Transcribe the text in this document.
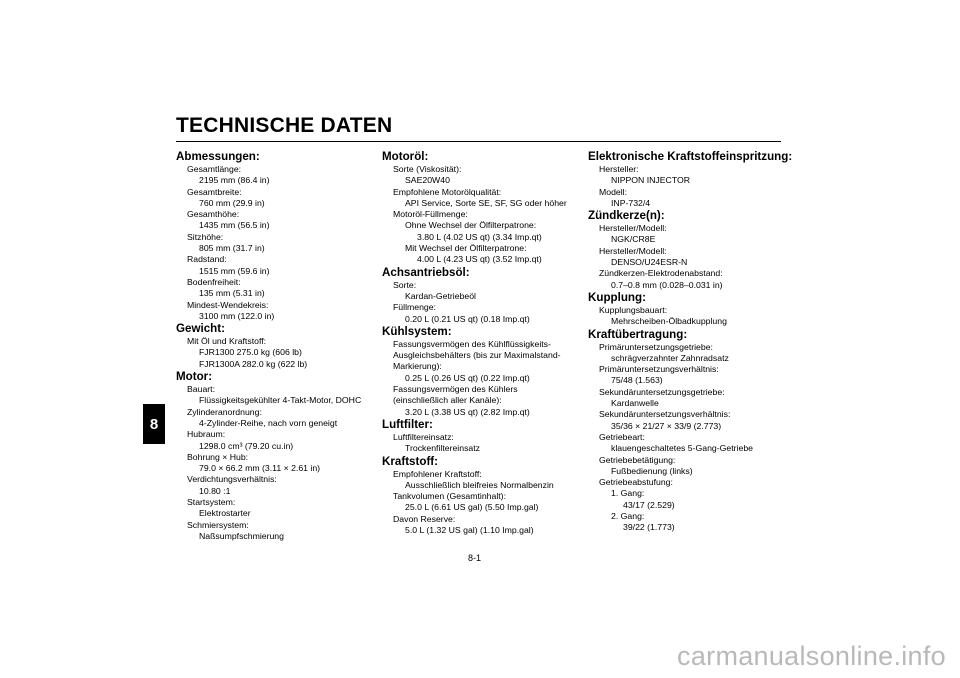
TECHNISCHE DATEN
8
Abmessungen:
Gesamtlänge:
2195 mm (86.4 in)
Gesamtbreite:
760 mm (29.9 in)
Gesamthöhe:
1435 mm (56.5 in)
Sitzhöhe:
805 mm (31.7 in)
Radstand:
1515 mm (59.6 in)
Bodenfreiheit:
135 mm (5.31 in)
Mindest-Wendekreis:
3100 mm (122.0 in)
Gewicht:
Mit Öl und Kraftstoff:
FJR1300 275.0 kg (606 lb)
FJR1300A 282.0 kg (622 lb)
Motor:
Bauart:
Flüssigkeitsgekühlter 4-Takt-Motor, DOHC
Zylinderanordnung:
4-Zylinder-Reihe, nach vorn geneigt
Hubraum:
1298.0 cm³ (79.20 cu.in)
Bohrung × Hub:
79.0 × 66.2 mm (3.11 × 2.61 in)
Verdichtungsverhältnis:
10.80 :1
Startsystem:
Elektrostarter
Schmiersystem:
Naßsumpfschmierung
Motoröl:
Sorte (Viskosität):
SAE20W40
Empfohlene Motorölqualität:
API Service, Sorte SE, SF, SG oder höher
Motoröl-Füllmenge:
Ohne Wechsel der Ölfilterpatrone:
3.80 L (4.02 US qt) (3.34 Imp.qt)
Mit Wechsel der Ölfilterpatrone:
4.00 L (4.23 US qt) (3.52 Imp.qt)
Achsantriebsöl:
Sorte:
Kardan-Getriebeöl
Füllmenge:
0.20 L (0.21 US qt) (0.18 Imp.qt)
Kühlsystem:
Fassungsvermögen des Kühlflüssigkeits-
Ausgleichsbehälters (bis zur Maximalstand-
Markierung):
0.25 L (0.26 US qt) (0.22 Imp.qt)
Fassungsvermögen des Kühlers
(einschließlich aller Kanäle):
3.20 L (3.38 US qt) (2.82 Imp.qt)
Luftfilter:
Luftfiltereinsatz:
Trockenfiltereinsatz
Kraftstoff:
Empfohlener Kraftstoff:
Ausschließlich bleifreies Normalbenzin
Tankvolumen (Gesamtinhalt):
25.0 L (6.61 US gal) (5.50 Imp.gal)
Davon Reserve:
5.0 L (1.32 US gal) (1.10 Imp.gal)
Elektronische Kraftstoffeinspritzung:
Hersteller:
NIPPON INJECTOR
Modell:
INP-732/4
Zündkerze(n):
Hersteller/Modell:
NGK/CR8E
Hersteller/Modell:
DENSO/U24ESR-N
Zündkerzen-Elektrodenabstand:
0.7–0.8 mm (0.028–0.031 in)
Kupplung:
Kupplungsbauart:
Mehrscheiben-Ölbadkupplung
Kraftübertragung:
Primäruntersetzungsgetriebe:
schrägverzahnter Zahnradsatz
Primäruntersetzungsverhältnis:
75/48 (1.563)
Sekundäruntersetzungsgetriebe:
Kardanwelle
Sekundäruntersetzungsverhältnis:
35/36 × 21/27 × 33/9 (2.773)
Getriebeart:
klauengeschaltetes 5-Gang-Getriebe
Getriebebetätigung:
Fußbedienung (links)
Getriebeabstufung:
1. Gang:
43/17 (2.529)
2. Gang:
39/22 (1.773)
8-1
carmanualsonline.info
